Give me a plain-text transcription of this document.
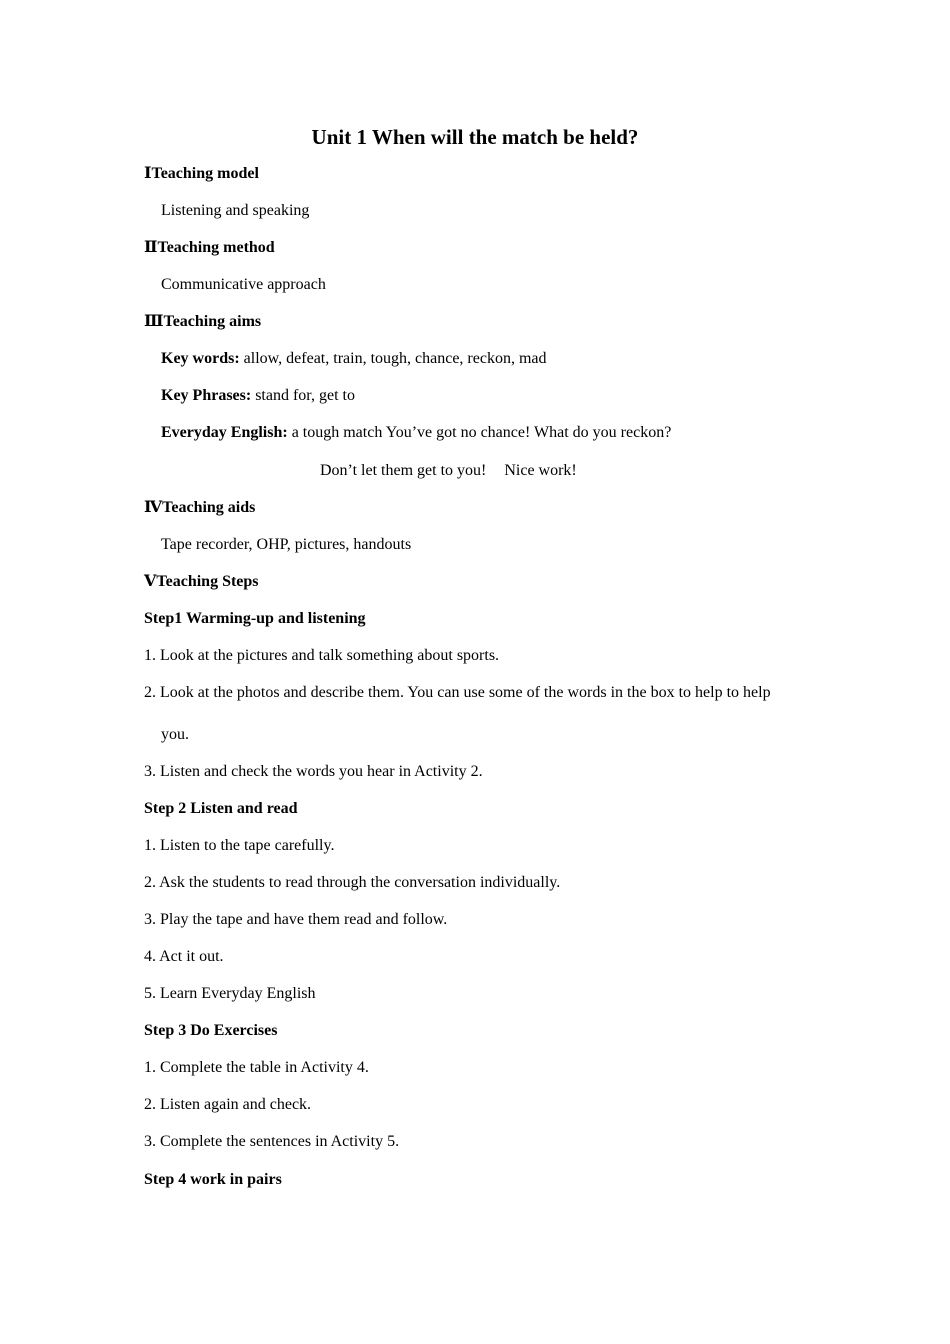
Unit 1 When will the match be held?
ⅠTeaching model
Listening and speaking
ⅡTeaching method
Communicative approach
ⅢTeaching aims
Key words: allow, defeat, train, tough, chance, reckon, mad
Key Phrases: stand for, get to
Everyday English: a tough match You’ve got no chance! What do you reckon?
Don’t let them get to you! Nice work!
ⅣTeaching aids
Tape recorder, OHP, pictures, handouts
ⅤTeaching Steps
Step1 Warming-up and listening
1. Look at the pictures and talk something about sports.
2. Look at the photos and describe them. You can use some of the words in the box to help to help
you.
3. Listen and check the words you hear in Activity 2.
Step 2 Listen and read
1. Listen to the tape carefully.
2. Ask the students to read through the conversation individually.
3. Play the tape and have them read and follow.
4. Act it out.
5. Learn Everyday English
Step 3 Do Exercises
1. Complete the table in Activity 4.
2. Listen again and check.
3. Complete the sentences in Activity 5.
Step 4 work in pairs
